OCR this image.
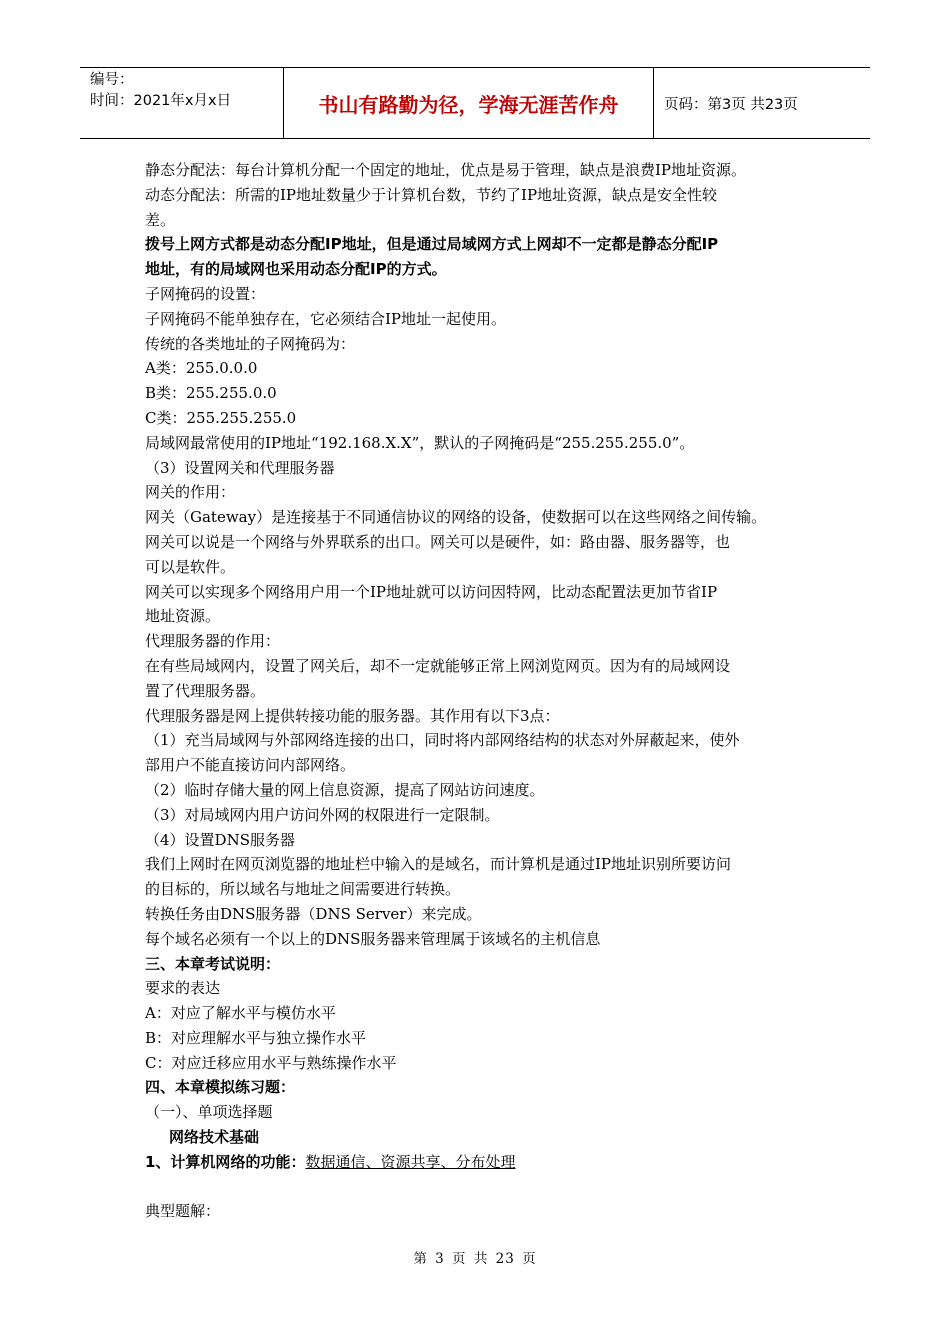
编号：
时间：2021年x月x日	书山有路勤为径，学海无涯苦作舟	页码：第3页 共23页
静态分配法：每台计算机分配一个固定的地址，优点是易于管理，缺点是浪费IP地址资源。
动态分配法：所需的IP地址数量少于计算机台数，节约了IP地址资源，缺点是安全性较
差。
拨号上网方式都是动态分配IP地址，但是通过局域网方式上网却不一定都是静态分配IP
地址，有的局域网也采用动态分配IP的方式。
子网掩码的设置：
子网掩码不能单独存在，它必须结合IP地址一起使用。
传统的各类地址的子网掩码为：
A类：255.0.0.0
B类：255.255.0.0
C类：255.255.255.0
局域网最常使用的IP地址“192.168.X.X”，默认的子网掩码是“255.255.255.0”。
（3）设置网关和代理服务器
网关的作用：
网关（Gateway）是连接基于不同通信协议的网络的设备，使数据可以在这些网络之间传输。
网关可以说是一个网络与外界联系的出口。网关可以是硬件，如：路由器、服务器等，也
可以是软件。
网关可以实现多个网络用户用一个IP地址就可以访问因特网，比动态配置法更加节省IP
地址资源。
代理服务器的作用：
在有些局域网内，设置了网关后，却不一定就能够正常上网浏览网页。因为有的局域网设
置了代理服务器。
代理服务器是网上提供转接功能的服务器。其作用有以下3点：
（1）充当局域网与外部网络连接的出口，同时将内部网络结构的状态对外屏蔽起来，使外
部用户不能直接访问内部网络。
（2）临时存储大量的网上信息资源，提高了网站访问速度。
（3）对局域网内用户访问外网的权限进行一定限制。
（4）设置DNS服务器
我们上网时在网页浏览器的地址栏中输入的是域名，而计算机是通过IP地址识别所要访问
的目标的，所以域名与地址之间需要进行转换。
转换任务由DNS服务器（DNS Server）来完成。
每个域名必须有一个以上的DNS服务器来管理属于该域名的主机信息
三、本章考试说明：
要求的表达
A：对应了解水平与模仿水平
B：对应理解水平与独立操作水平
C：对应迁移应用水平与熟练操作水平
四、本章模拟练习题：
（一）、单项选择题
网络技术基础
1、计算机网络的功能：数据通信、资源共享、分布处理
典型题解：
第 3 页 共 23 页
